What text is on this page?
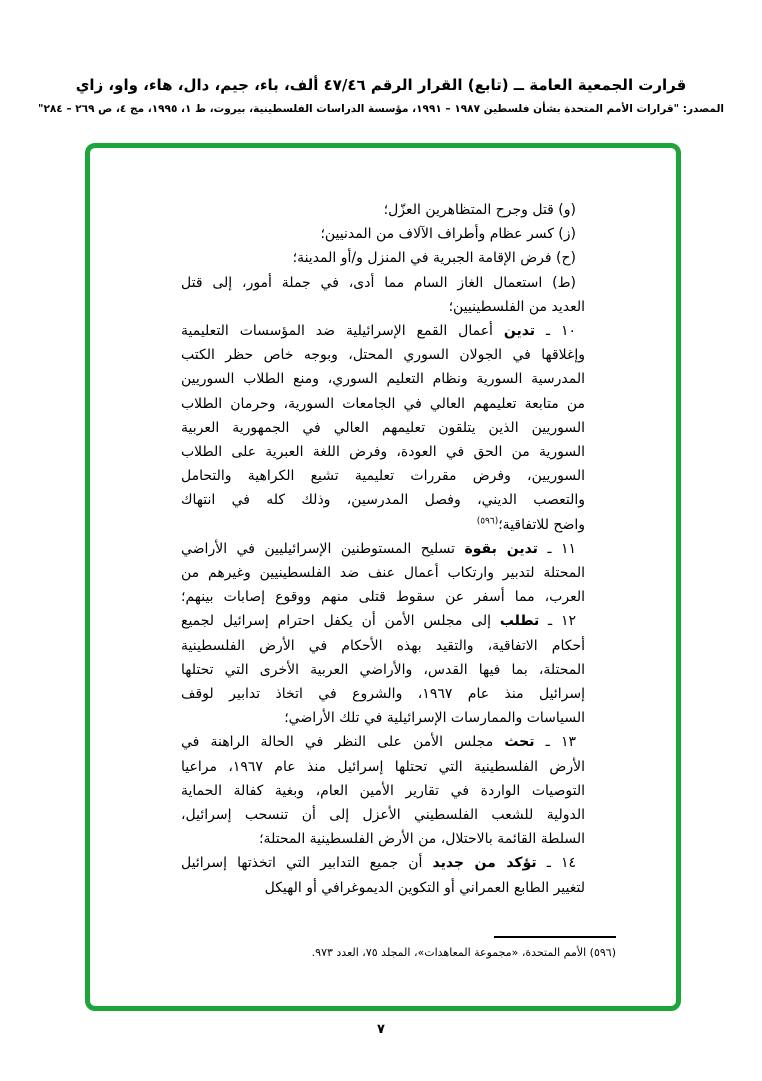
قرارت الجمعية العامة ــ (تابع) القرار الرقم ٤٧/٤٦ ألف، باء، جيم، دال، هاء، واو، زاي
المصدر: "قرارات الأمم المتحدة بشأن فلسطين ١٩٨٧ – ١٩٩١، مؤسسة الدراسات الفلسطينية، بيروت، ط ١، ١٩٩٥، مج ٤، ص ٢٦٩ – ٢٨٤"
(و) قتل وجرح المتظاهرين العزّل؛
(ز) كسر عظام وأطراف الآلاف من المدنيين؛
(ح) فرض الإقامة الجبرية في المنزل و/أو المدينة؛
(ط) استعمال الغاز السام مما أدى، في جملة أمور، إلى قتل
العديد من الفلسطينيين؛
١٠ ـ تدين أعمال القمع الإسرائيلية ضد المؤسسات التعليمية
وإغلاقها في الجولان السوري المحتل، وبوجه خاص حظر الكتب
المدرسية السورية ونظام التعليم السوري، ومنع الطلاب السوريين
من متابعة تعليمهم العالي في الجامعات السورية، وحرمان الطلاب
السوريين الذين يتلقون تعليمهم العالي في الجمهورية العربية
السورية من الحق في العودة، وفرض اللغة العبرية على الطلاب
السوريين، وفرض مقررات تعليمية تشيع الكراهية والتحامل
والتعصب الديني، وفصل المدرسين، وذلك كله في انتهاك
واضح للاتفاقية؛$^{(٥٩٦)}$
١١ ـ تدين بقوة تسليح المستوطنين الإسرائيليين في الأراضي
المحتلة لتدبير وارتكاب أعمال عنف ضد الفلسطينيين وغيرهم من
العرب، مما أسفر عن سقوط قتلى منهم ووقوع إصابات بينهم؛
١٢ ـ تطلب إلى مجلس الأمن أن يكفل احترام إسرائيل لجميع
أحكام الاتفاقية، والتقيد بهذه الأحكام في الأرض الفلسطينية
المحتلة، بما فيها القدس، والأراضي العربية الأخرى التي تحتلها
إسرائيل منذ عام ١٩٦٧، والشروع في اتخاذ تدابير لوقف
السياسات والممارسات الإسرائيلية في تلك الأراضي؛
١٣ ـ تحث مجلس الأمن على النظر في الحالة الراهنة في
الأرض الفلسطينية التي تحتلها إسرائيل منذ عام ١٩٦٧، مراعيا
التوصيات الواردة في تقارير الأمين العام، وبغية كفالة الحماية
الدولية للشعب الفلسطيني الأعزل إلى أن تنسحب إسرائيل،
السلطة القائمة بالاحتلال، من الأرض الفلسطينية المحتلة؛
١٤ ـ تؤكد من جديد أن جميع التدابير التي اتخذتها إسرائيل
لتغيير الطابع العمراني أو التكوين الديموغرافي أو الهيكل
(٥٩٦) الأمم المتحدة، «مجموعة المعاهدات»، المجلد ٧٥، العدد ٩٧٣.
٧
